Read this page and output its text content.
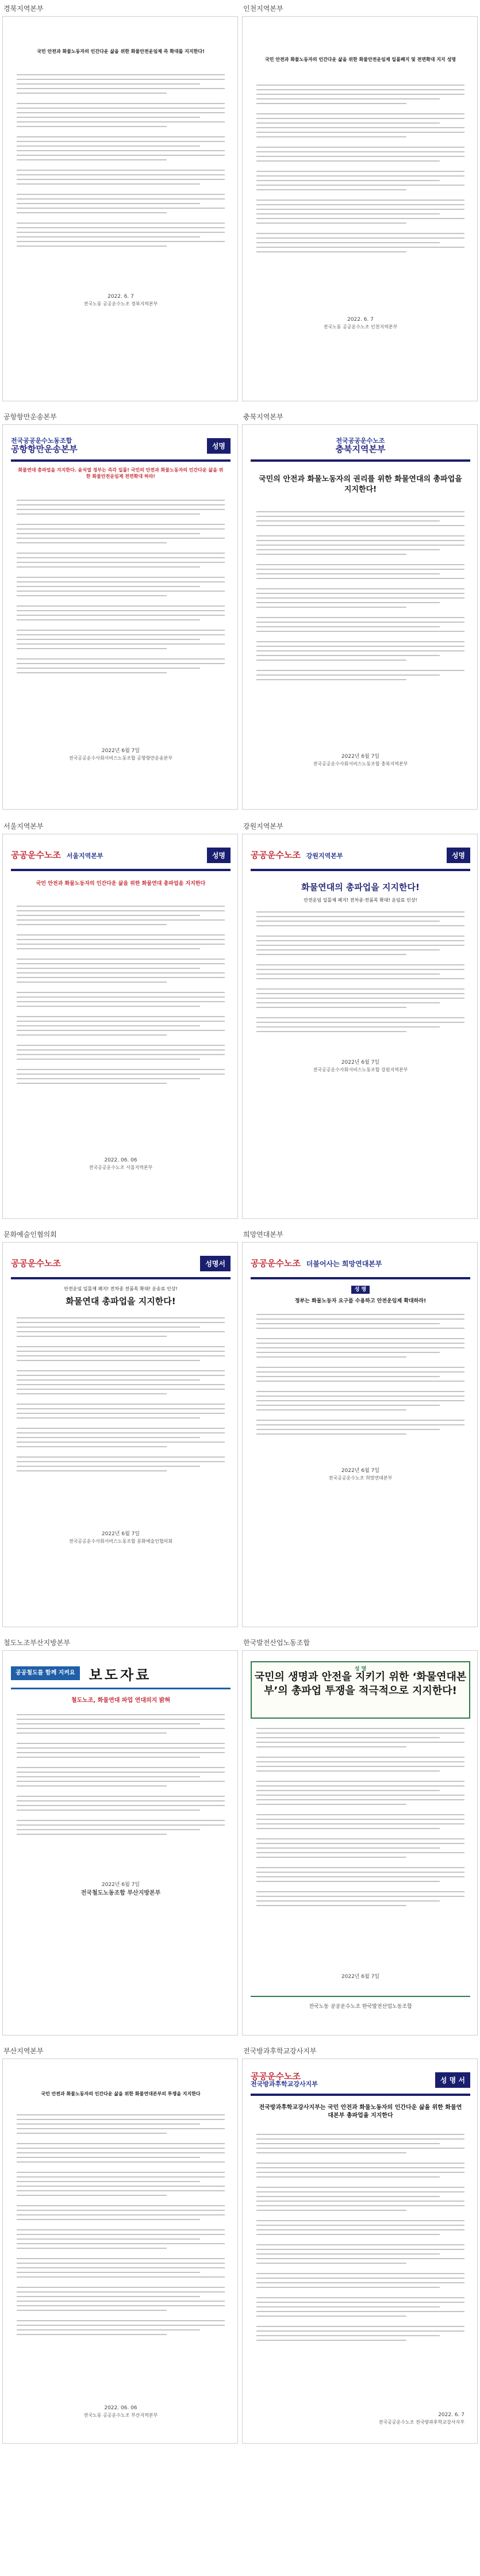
경북지역본부
국민 안전과 화물노동자의 인간다운 삶을 위한 화물안전운임제 즉 확대를 지지한다!
2022. 6. 7
전국노동 공공운수노조 경북지역본부
인천지역본부
국민 안전과 화물노동자의 인간다운 삶을 위한 화물안전운임제 일몰폐지 및 전면확대 지지 성명
2022. 6. 7
전국노동 공공운수노조 인천지역본부
공항항만운송본부
전국공공운수노동조합
공항항만운송본부	성명
화물연대 총파업을 지지한다. 윤석열 정부는 즉각 일몰! 국민의 안전과 화물노동자의 인간다운 삶을 위한 화물안전운임제 전면확대 하라!
2022년 6월 7일
전국공공운수사회서비스노동조합 공항항만운송본부
충북지역본부
전국공공운수노조
충북지역본부
국민의 안전과 화물노동자의 권리를 위한 화물연대의 총파업을 지지한다!
2022년 6월 7일
전국공공운수사회서비스노동조합 충북지역본부
서울지역본부
공공운수노조 서울지역본부	성명
국민 안전과 화물노동자의 인간다운 삶을 위한 화물연대 총파업을 지지한다
2022. 06. 06
전국공공운수노조 서울지역본부
강원지역본부
공공운수노조 강원지역본부	성명
화물연대의 총파업을 지지한다!
안전운임 일몰제 폐지! 전차종·전품목 확대! 운임료 인상!
2022년 6월 7일
전국공공운수사회서비스노동조합 강원지역본부
문화예술인협의회
공공운수노조	성명서
안전운임 일몰제 폐지! 전차종 전품목 확대! 운송료 인상!
화물연대 총파업을 지지한다!
2022년 6월 7일
전국공공운수사회서비스노동조합 문화예술인협의회
희망연대본부
공공운수노조 더불어사는 희망연대본부
성 명
정부는 화물노동자 요구를 수용하고 안전운임제 확대하라!
2022년 6월 7일
전국공공운수노조 희망연대본부
철도노조부산지방본부
공공철도를 함께 지켜요	보도자료
철도노조, 화물연대 파업 연대의지 밝혀
2022년 6월 7일
전국철도노동조합 부산지방본부
한국발전산업노동조합
성 명
국민의 생명과 안전을 지키기 위한 ‘화물연대본부’의 총파업 투쟁을 적극적으로 지지한다!
2022년 6월 7일
전국노동 공공운수노조 한국발전산업노동조합
부산지역본부
국민 안전과 화물노동자의 인간다운 삶을 위한 화물연대본부의 투쟁을 지지한다
2022. 06. 06
전국노동 공공운수노조 부산지역본부
전국방과후학교강사지부
공공운수노조
전국방과후학교강사지부
성 명 서
전국방과후학교강사지부는 국민 안전과 화물노동자의 인간다운 삶을 위한 화물연대본부 총파업을 지지한다
2022. 6. 7
전국공공운수노조 전국방과후학교강사지부
